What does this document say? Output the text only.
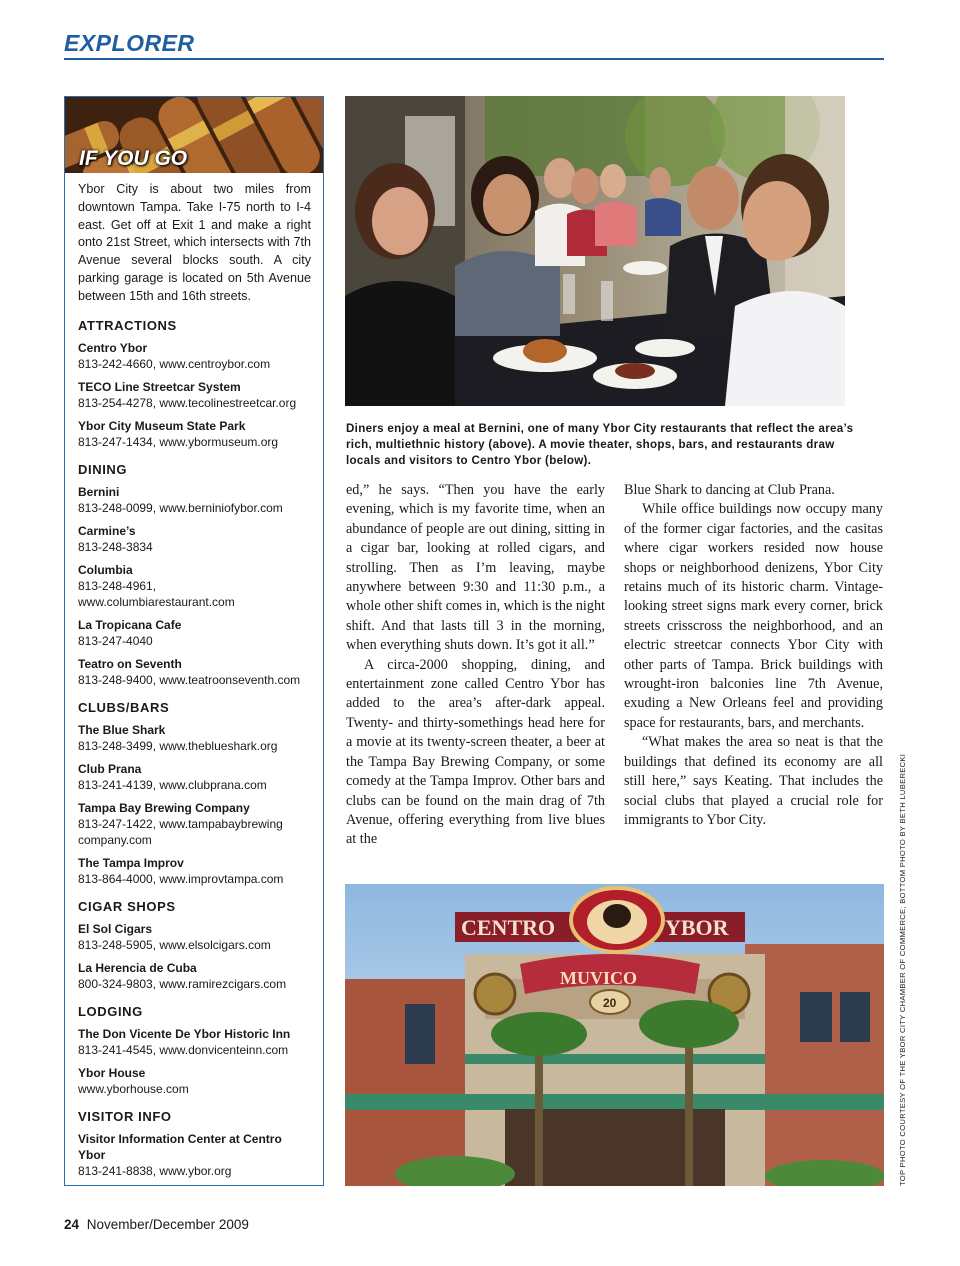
EXPLORER
IF YOU GO
Ybor City is about two miles from downtown Tampa. Take I-75 north to I-4 east. Get off at Exit 1 and make a right onto 21st Street, which intersects with 7th Avenue several blocks south. A city parking garage is located on 5th Avenue between 15th and 16th streets.
ATTRACTIONS
Centro Ybor
813-242-4660, www.centroybor.com
TECO Line Streetcar System
813-254-4278, www.tecolinestreetcar.org
Ybor City Museum State Park
813-247-1434, www.ybormuseum.org
DINING
Bernini
813-248-0099, www.berniniofybor.com
Carmine’s
813-248-3834
Columbia
813-248-4961, www.columbiarestaurant.com
La Tropicana Cafe
813-247-4040
Teatro on Seventh
813-248-9400, www.teatroonseventh.com
CLUBS/BARS
The Blue Shark
813-248-3499, www.theblueshark.org
Club Prana
813-241-4139, www.clubprana.com
Tampa Bay Brewing Company
813-247-1422, www.tampabaybrewing company.com
The Tampa Improv
813-864-4000, www.improvtampa.com
CIGAR SHOPS
El Sol Cigars
813-248-5905, www.elsolcigars.com
La Herencia de Cuba
800-324-9803, www.ramirezcigars.com
LODGING
The Don Vicente De Ybor Historic Inn
813-241-4545, www.donvicenteinn.com
Ybor House
www.yborhouse.com
VISITOR INFO
Visitor Information Center at Centro Ybor
813-241-8838, www.ybor.org
Diners enjoy a meal at Bernini, one of many Ybor City restaurants that reflect the area’s rich, multiethnic history (above). A movie theater, shops, bars, and restaurants draw locals and visitors to Centro Ybor (below).

ed,” he says. “Then you have the early evening, which is my favorite time, when an abundance of people are out dining, sitting in a cigar bar, looking at rolled cigars, and strolling. Then as I’m leaving, maybe anywhere between 9:30 and 11:30 p.m., a whole other shift comes in, which is the night shift. And that lasts till 3 in the morning, when everything shuts down. It’s got it all.”

A circa-2000 shopping, dining, and entertainment zone called Centro Ybor has added to the area’s after-dark appeal. Twenty- and thirty-somethings head here for a movie at its twenty-screen theater, a beer at the Tampa Bay Brewing Company, or some comedy at the Tampa Improv. Other bars and clubs can be found on the main drag of 7th Avenue, offering everything from live blues at the

Blue Shark to dancing at Club Prana.

While office buildings now occupy many of the former cigar factories, and the casitas where cigar workers resided now house shops or neighborhood denizens, Ybor City retains much of its historic charm. Vintage-looking street signs mark every corner, brick streets crisscross the neighborhood, and an electric streetcar connects Ybor City with other parts of Tampa. Brick buildings with wrought-iron balconies line 7th Avenue, exuding a New Orleans feel and providing space for restaurants, bars, and merchants.

“What makes the area so neat is that the buildings that defined its economy are all still here,” says Keating. That includes the social clubs that played a crucial role for immigrants to Ybor City.

CENTRO	YBOR
MUVICO
20	TOP PHOTO COURTESY OF THE YBOR CITY CHAMBER OF COMMERCE; BOTTOM PHOTO BY BETH LUBERECKI
24 November/December 2009
